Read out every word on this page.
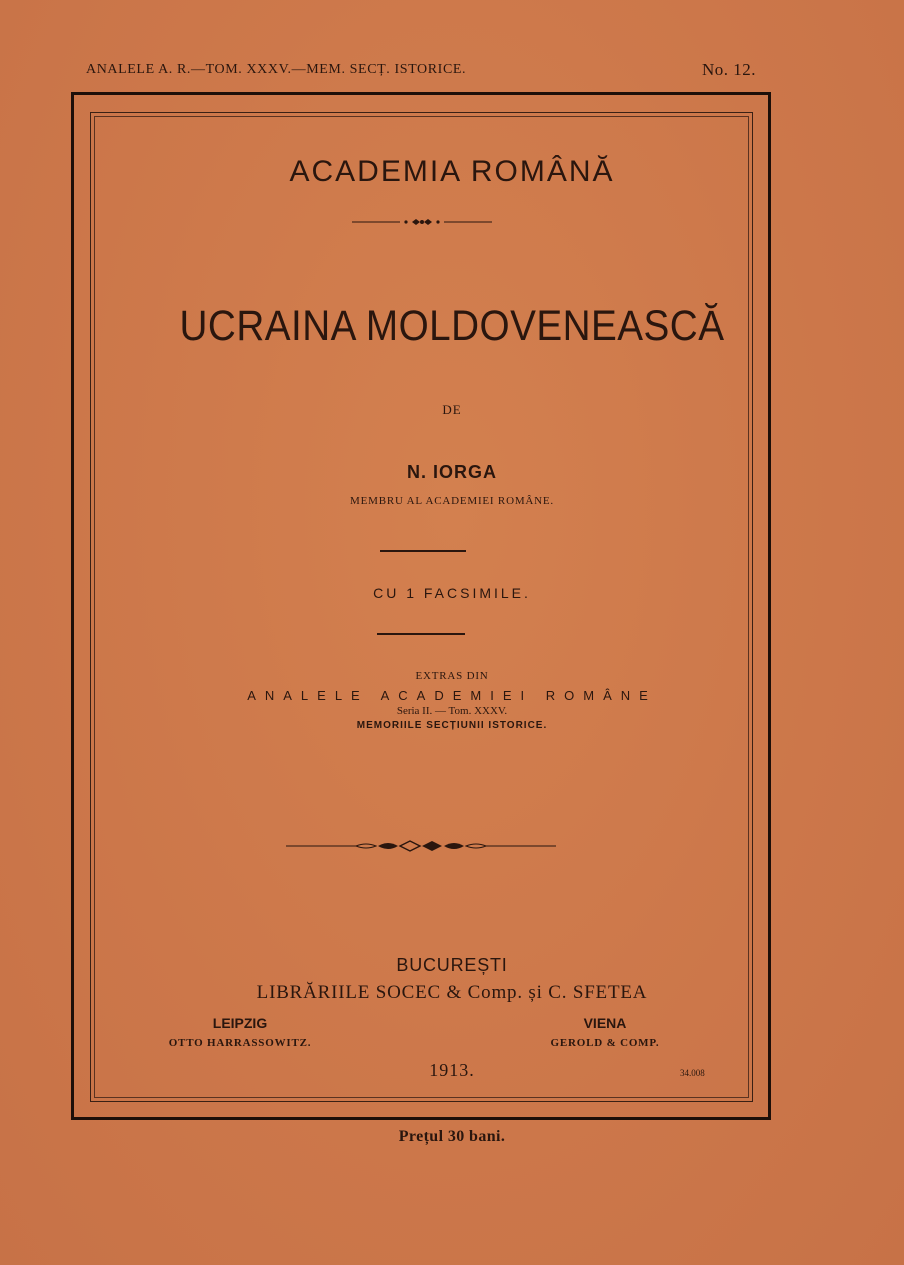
ANALELE A. R.—TOM. XXXV.—MEM. SECȚ. ISTORICE.	No. 12.
ACADEMIA ROMÂNĂ
UCRAINA MOLDOVENEASCĂ
DE
N. IORGA
MEMBRU AL ACADEMIEI ROMÂNE.
CU 1 FACSIMILE.
EXTRAS DIN
ANALELE ACADEMIEI ROMÂNE
Seria II. — Tom. XXXV.
MEMORIILE SECȚIUNII ISTORICE.
BUCUREȘTI
LIBRĂRIILE SOCEC & Comp. și C. SFETEA
LEIPZIG	VIENA
OTTO HARRASSOWITZ.	GEROLD & COMP.
1913.	34.008
Prețul 30 bani.
